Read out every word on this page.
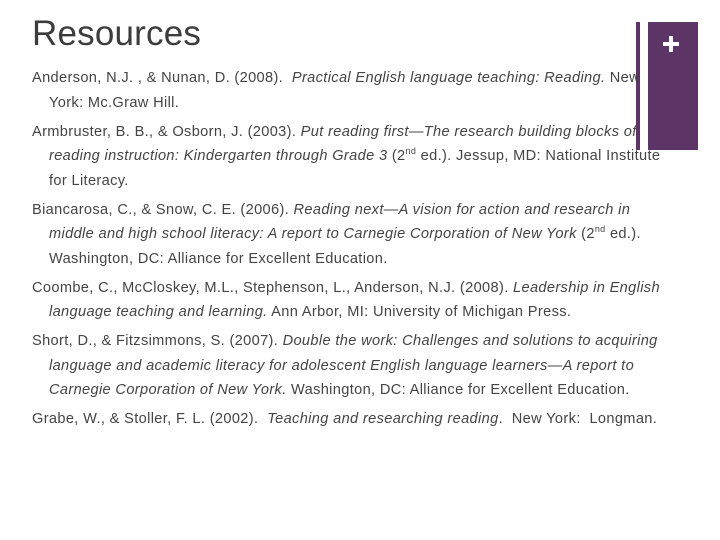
Resources
Anderson, N.J. , & Nunan, D. (2008).  Practical English language teaching: Reading. New York: Mc.Graw Hill.
Armbruster, B. B., & Osborn, J. (2003). Put reading first—The research building blocks of reading instruction: Kindergarten through Grade 3 (2nd ed.). Jessup, MD: National Institute for Literacy.
Biancarosa, C., & Snow, C. E. (2006). Reading next—A vision for action and research in middle and high school literacy: A report to Carnegie Corporation of New York (2nd ed.). Washington, DC: Alliance for Excellent Education.
Coombe, C., McCloskey, M.L., Stephenson, L., Anderson, N.J. (2008). Leadership in English language teaching and learning. Ann Arbor, MI: University of Michigan Press.
Short, D., & Fitzsimmons, S. (2007). Double the work: Challenges and solutions to acquiring language and academic literacy for adolescent English language learners—A report to Carnegie Corporation of New York. Washington, DC: Alliance for Excellent Education.
Grabe, W., & Stoller, F. L. (2002).  Teaching and researching reading.  New York:  Longman.
